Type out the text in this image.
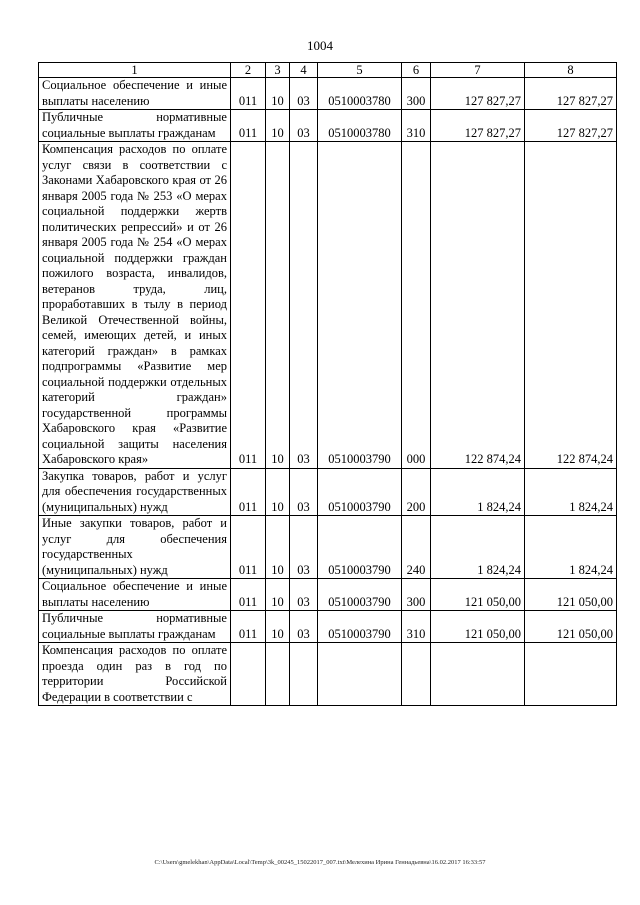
1004
1	2	3	4	5	6	7	8
Социальное обеспечение и иные выплаты населению	011	10	03	0510003780	300	127 827,27	127 827,27
Публичные нормативные социальные выплаты гражданам	011	10	03	0510003780	310	127 827,27	127 827,27
Компенсация расходов по оплате услуг связи в соответствии с Законами Хабаровского края от 26 января 2005 года № 253 «О мерах социальной поддержки жертв политических репрессий» и от 26 января 2005 года № 254 «О мерах социальной поддержки граждан пожилого возраста, инвалидов, ветеранов труда, лиц, проработавших в тылу в период Великой Отечественной войны, семей, имеющих детей, и иных категорий граждан» в рамках подпрограммы «Развитие мер социальной поддержки отдельных категорий граждан» государственной программы Хабаровского края «Развитие социальной защиты населения Хабаровского края»	011	10	03	0510003790	000	122 874,24	122 874,24
Закупка товаров, работ и услуг для обеспечения государственных (муниципальных) нужд	011	10	03	0510003790	200	1 824,24	1 824,24
Иные закупки товаров, работ и услуг для обеспечения государственных (муниципальных) нужд	011	10	03	0510003790	240	1 824,24	1 824,24
Социальное обеспечение и иные выплаты населению	011	10	03	0510003790	300	121 050,00	121 050,00
Публичные нормативные социальные выплаты гражданам	011	10	03	0510003790	310	121 050,00	121 050,00
Компенсация расходов по оплате проезда один раз в год по территории Российской Федерации в соответствии с							
C:\Users\gmelekhan\AppData\Local\Temp\3k_00245_15022017_007.txt\Мелехина Ирина Геннадьевна\16.02.2017 16:33:57
